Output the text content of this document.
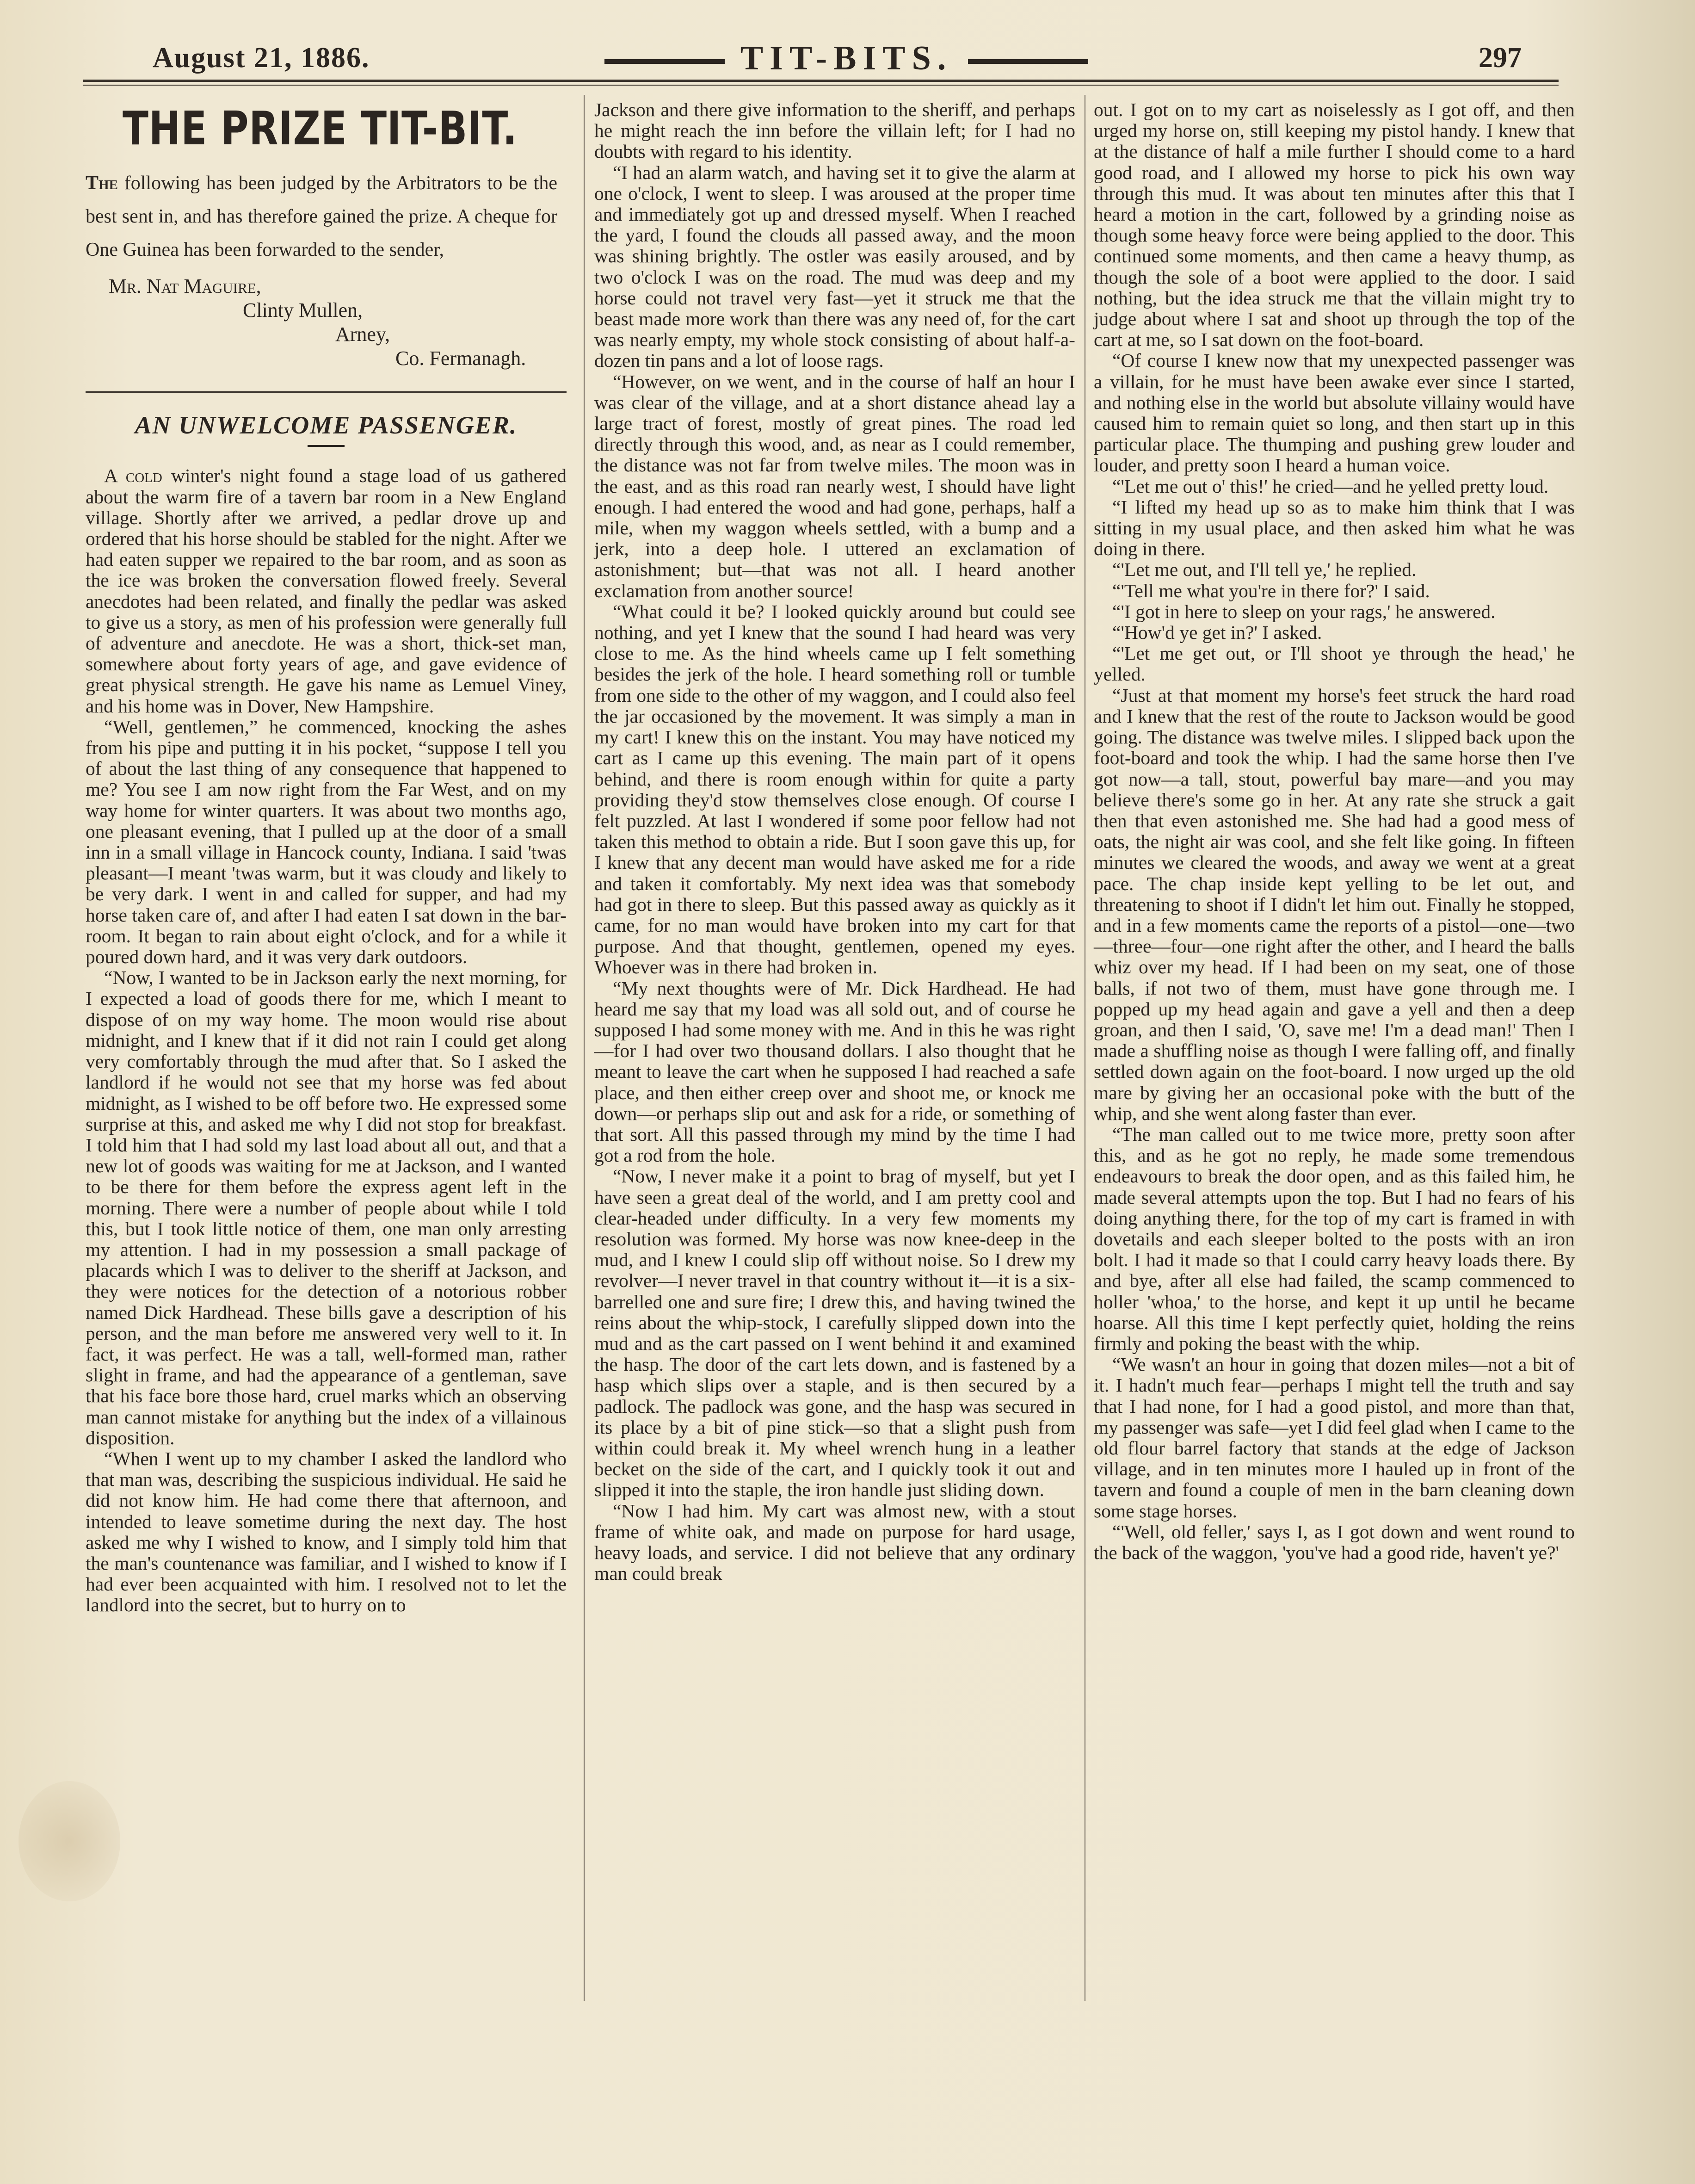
August 21, 1886.	TIT-BITS.	297
THE PRIZE TIT-BIT.

The following has been judged by the Arbitrators to be the best sent in, and has therefore gained the prize. A cheque for One Guinea has been forwarded to the sender,

Mr. Nat Maguire,
Clinty Mullen,
Arney,
Co. Fermanagh.
AN UNWELCOME PASSENGER.

A cold winter's night found a stage load of us gathered about the warm fire of a tavern bar room in a New England village. Shortly after we arrived, a pedlar drove up and ordered that his horse should be stabled for the night. After we had eaten supper we repaired to the bar room, and as soon as the ice was broken the conversation flowed freely. Several anecdotes had been related, and finally the pedlar was asked to give us a story, as men of his profession were generally full of adventure and anecdote. He was a short, thick-set man, somewhere about forty years of age, and gave evidence of great physical strength. He gave his name as Lemuel Viney, and his home was in Dover, New Hampshire.

“Well, gentlemen,” he commenced, knocking the ashes from his pipe and putting it in his pocket, “suppose I tell you of about the last thing of any consequence that happened to me? You see I am now right from the Far West, and on my way home for winter quarters. It was about two months ago, one pleasant evening, that I pulled up at the door of a small inn in a small village in Hancock county, Indiana. I said 'twas pleasant—I meant 'twas warm, but it was cloudy and likely to be very dark. I went in and called for supper, and had my horse taken care of, and after I had eaten I sat down in the bar-room. It began to rain about eight o'clock, and for a while it poured down hard, and it was very dark outdoors.

“Now, I wanted to be in Jackson early the next morning, for I expected a load of goods there for me, which I meant to dispose of on my way home. The moon would rise about midnight, and I knew that if it did not rain I could get along very comfortably through the mud after that. So I asked the landlord if he would not see that my horse was fed about midnight, as I wished to be off before two. He expressed some surprise at this, and asked me why I did not stop for breakfast. I told him that I had sold my last load about all out, and that a new lot of goods was waiting for me at Jackson, and I wanted to be there for them before the express agent left in the morning. There were a number of people about while I told this, but I took little notice of them, one man only arresting my attention. I had in my possession a small package of placards which I was to deliver to the sheriff at Jackson, and they were notices for the detection of a notorious robber named Dick Hardhead. These bills gave a description of his person, and the man before me answered very well to it. In fact, it was perfect. He was a tall, well-formed man, rather slight in frame, and had the appearance of a gentleman, save that his face bore those hard, cruel marks which an observing man cannot mistake for anything but the index of a villainous disposition.

“When I went up to my chamber I asked the landlord who that man was, describing the suspicious individual. He said he did not know him. He had come there that afternoon, and intended to leave sometime during the next day. The host asked me why I wished to know, and I simply told him that the man's countenance was familiar, and I wished to know if I had ever been acquainted with him. I resolved not to let the landlord into the secret, but to hurry on to

Jackson and there give information to the sheriff, and perhaps he might reach the inn before the villain left; for I had no doubts with regard to his identity.

“I had an alarm watch, and having set it to give the alarm at one o'clock, I went to sleep. I was aroused at the proper time and immediately got up and dressed myself. When I reached the yard, I found the clouds all passed away, and the moon was shining brightly. The ostler was easily aroused, and by two o'clock I was on the road. The mud was deep and my horse could not travel very fast—yet it struck me that the beast made more work than there was any need of, for the cart was nearly empty, my whole stock consisting of about half-a-dozen tin pans and a lot of loose rags.

“However, on we went, and in the course of half an hour I was clear of the village, and at a short distance ahead lay a large tract of forest, mostly of great pines. The road led directly through this wood, and, as near as I could remember, the distance was not far from twelve miles. The moon was in the east, and as this road ran nearly west, I should have light enough. I had entered the wood and had gone, perhaps, half a mile, when my waggon wheels settled, with a bump and a jerk, into a deep hole. I uttered an exclamation of astonishment; but—that was not all. I heard another exclamation from another source!

“What could it be? I looked quickly around but could see nothing, and yet I knew that the sound I had heard was very close to me. As the hind wheels came up I felt something besides the jerk of the hole. I heard something roll or tumble from one side to the other of my waggon, and I could also feel the jar occasioned by the movement. It was simply a man in my cart! I knew this on the instant. You may have noticed my cart as I came up this evening. The main part of it opens behind, and there is room enough within for quite a party providing they'd stow themselves close enough. Of course I felt puzzled. At last I wondered if some poor fellow had not taken this method to obtain a ride. But I soon gave this up, for I knew that any decent man would have asked me for a ride and taken it comfortably. My next idea was that somebody had got in there to sleep. But this passed away as quickly as it came, for no man would have broken into my cart for that purpose. And that thought, gentlemen, opened my eyes. Whoever was in there had broken in.

“My next thoughts were of Mr. Dick Hardhead. He had heard me say that my load was all sold out, and of course he supposed I had some money with me. And in this he was right—for I had over two thousand dollars. I also thought that he meant to leave the cart when he supposed I had reached a safe place, and then either creep over and shoot me, or knock me down—or perhaps slip out and ask for a ride, or something of that sort. All this passed through my mind by the time I had got a rod from the hole.

“Now, I never make it a point to brag of myself, but yet I have seen a great deal of the world, and I am pretty cool and clear-headed under difficulty. In a very few moments my resolution was formed. My horse was now knee-deep in the mud, and I knew I could slip off without noise. So I drew my revolver—I never travel in that country without it—it is a six-barrelled one and sure fire; I drew this, and having twined the reins about the whip-stock, I carefully slipped down into the mud and as the cart passed on I went behind it and examined the hasp. The door of the cart lets down, and is fastened by a hasp which slips over a staple, and is then secured by a padlock. The padlock was gone, and the hasp was secured in its place by a bit of pine stick—so that a slight push from within could break it. My wheel wrench hung in a leather becket on the side of the cart, and I quickly took it out and slipped it into the staple, the iron handle just sliding down.

“Now I had him. My cart was almost new, with a stout frame of white oak, and made on purpose for hard usage, heavy loads, and service. I did not believe that any ordinary man could break

out. I got on to my cart as noiselessly as I got off, and then urged my horse on, still keeping my pistol handy. I knew that at the distance of half a mile further I should come to a hard good road, and I allowed my horse to pick his own way through this mud. It was about ten minutes after this that I heard a motion in the cart, followed by a grinding noise as though some heavy force were being applied to the door. This continued some moments, and then came a heavy thump, as though the sole of a boot were applied to the door. I said nothing, but the idea struck me that the villain might try to judge about where I sat and shoot up through the top of the cart at me, so I sat down on the foot-board.

“Of course I knew now that my unexpected passenger was a villain, for he must have been awake ever since I started, and nothing else in the world but absolute villainy would have caused him to remain quiet so long, and then start up in this particular place. The thumping and pushing grew louder and louder, and pretty soon I heard a human voice.

“'Let me out o' this!' he cried—and he yelled pretty loud.

“I lifted my head up so as to make him think that I was sitting in my usual place, and then asked him what he was doing in there.

“'Let me out, and I'll tell ye,' he replied.

“'Tell me what you're in there for?' I said.

“'I got in here to sleep on your rags,' he answered.

“'How'd ye get in?' I asked.

“'Let me get out, or I'll shoot ye through the head,' he yelled.

“Just at that moment my horse's feet struck the hard road and I knew that the rest of the route to Jackson would be good going. The distance was twelve miles. I slipped back upon the foot-board and took the whip. I had the same horse then I've got now—a tall, stout, powerful bay mare—and you may believe there's some go in her. At any rate she struck a gait then that even astonished me. She had had a good mess of oats, the night air was cool, and she felt like going. In fifteen minutes we cleared the woods, and away we went at a great pace. The chap inside kept yelling to be let out, and threatening to shoot if I didn't let him out. Finally he stopped, and in a few moments came the reports of a pistol—one—two—three—four—one right after the other, and I heard the balls whiz over my head. If I had been on my seat, one of those balls, if not two of them, must have gone through me. I popped up my head again and gave a yell and then a deep groan, and then I said, 'O, save me! I'm a dead man!' Then I made a shuffling noise as though I were falling off, and finally settled down again on the foot-board. I now urged up the old mare by giving her an occasional poke with the butt of the whip, and she went along faster than ever.

“The man called out to me twice more, pretty soon after this, and as he got no reply, he made some tremendous endeavours to break the door open, and as this failed him, he made several attempts upon the top. But I had no fears of his doing anything there, for the top of my cart is framed in with dovetails and each sleeper bolted to the posts with an iron bolt. I had it made so that I could carry heavy loads there. By and bye, after all else had failed, the scamp commenced to holler 'whoa,' to the horse, and kept it up until he became hoarse. All this time I kept perfectly quiet, holding the reins firmly and poking the beast with the whip.

“We wasn't an hour in going that dozen miles—not a bit of it. I hadn't much fear—perhaps I might tell the truth and say that I had none, for I had a good pistol, and more than that, my passenger was safe—yet I did feel glad when I came to the old flour barrel factory that stands at the edge of Jackson village, and in ten minutes more I hauled up in front of the tavern and found a couple of men in the barn cleaning down some stage horses.

“'Well, old feller,' says I, as I got down and went round to the back of the waggon, 'you've had a good ride, haven't ye?'
